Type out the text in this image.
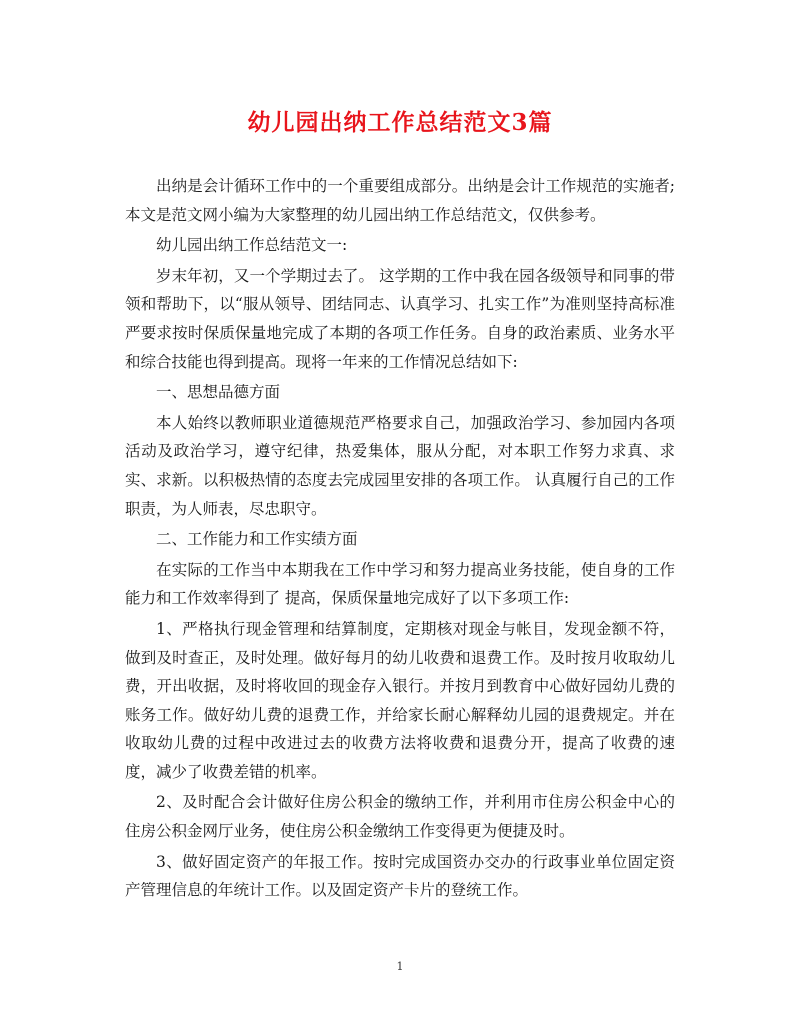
幼儿园出纳工作总结范文3篇

出纳是会计循环工作中的一个重要组成部分。出纳是会计工作规范的实施者;本文是范文网小编为大家整理的幼儿园出纳工作总结范文，仅供参考。

幼儿园出纳工作总结范文一:

岁末年初，又一个学期过去了。 这学期的工作中我在园各级领导和同事的带领和帮助下，以“服从领导、团结同志、认真学习、扎实工作”为准则坚持高标准严要求按时保质保量地完成了本期的各项工作任务。自身的政治素质、业务水平和综合技能也得到提高。现将一年来的工作情况总结如下:

一、思想品德方面

本人始终以教师职业道德规范严格要求自己，加强政治学习、参加园内各项活动及政治学习，遵守纪律，热爱集体，服从分配，对本职工作努力求真、求实、求新。以积极热情的态度去完成园里安排的各项工作。 认真履行自己的工作职责，为人师表，尽忠职守。

二、工作能力和工作实绩方面

在实际的工作当中本期我在工作中学习和努力提高业务技能，使自身的工作能力和工作效率得到了 提高，保质保量地完成好了以下多项工作:

1、严格执行现金管理和结算制度，定期核对现金与帐目，发现金额不符，做到及时查正，及时处理。做好每月的幼儿收费和退费工作。及时按月收取幼儿费，开出收据，及时将收回的现金存入银行。并按月到教育中心做好园幼儿费的账务工作。做好幼儿费的退费工作，并给家长耐心解释幼儿园的退费规定。并在收取幼儿费的过程中改进过去的收费方法将收费和退费分开，提高了收费的速度，减少了收费差错的机率。

2、及时配合会计做好住房公积金的缴纳工作，并利用市住房公积金中心的住房公积金网厅业务，使住房公积金缴纳工作变得更为便捷及时。

3、做好固定资产的年报工作。按时完成国资办交办的行政事业单位固定资产管理信息的年统计工作。以及固定资产卡片的登统工作。

1
